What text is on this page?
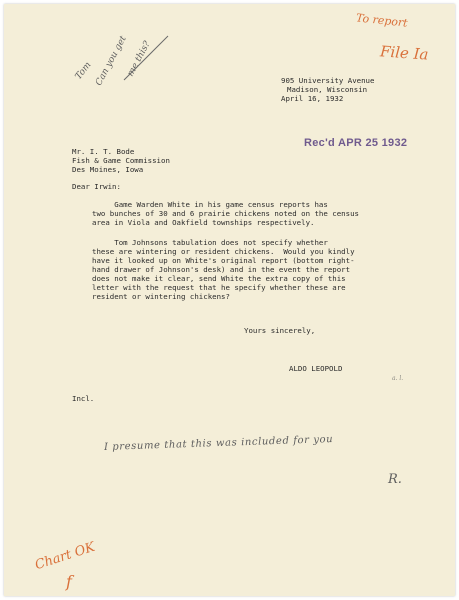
To report
File Ia
Tom Can you get
me this?
905 University Avenue
Madison, Wisconsin
April 16, 1932
Mr. I. T. Bode
Fish & Game Commission
Des Moines, Iowa
Rec'd APR 25 1932
Dear Irwin:
Game Warden White in his game census reports has
two bunches of 30 and 6 prairie chickens noted on the census
area in Viola and Oakfield townships respectively.
Tom Johnsons tabulation does not specify whether
these are wintering or resident chickens.  Would you kindly
have it looked up on White's original report (bottom right-
hand drawer of Johnson's desk) and in the event the report
does not make it clear, send White the extra copy of this
letter with the request that he specify whether these are
resident or wintering chickens?
Yours sincerely,
ALDO LEOPOLD
a. l.
Incl.
I presume that this was included for you
R.
Chart OK
f
